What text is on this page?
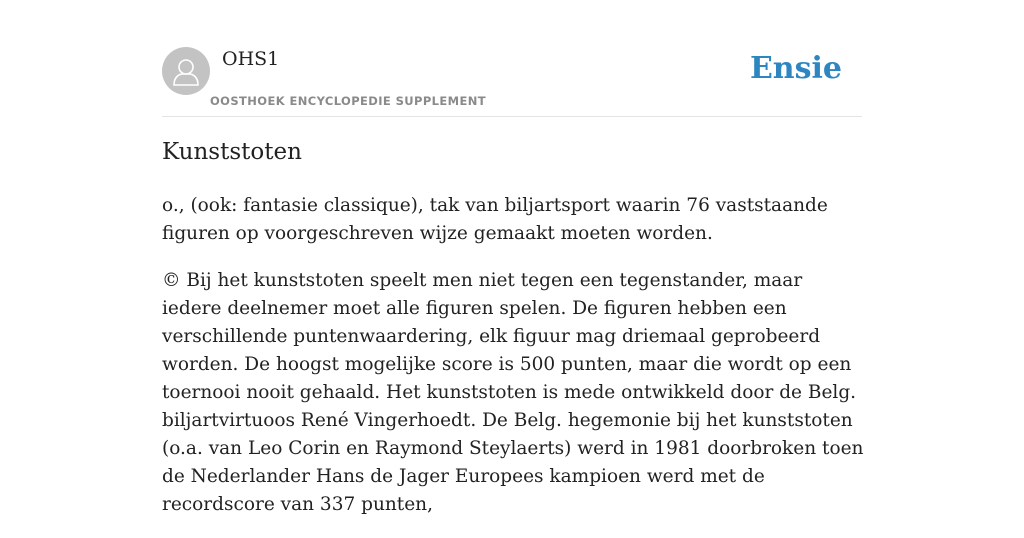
OHS1
OOSTHOEK ENCYCLOPEDIE SUPPLEMENT
Ensie
Kunststoten

o., (ook: fantasie classique), tak van biljartsport waarin 76 vaststaande figuren op voorgeschreven wijze gemaakt moeten worden.

© Bij het kunststoten speelt men niet tegen een tegenstander, maar iedere deelnemer moet alle figuren spelen. De figuren hebben een verschillende puntenwaardering, elk figuur mag driemaal geprobeerd worden. De hoogst mogelijke score is 500 punten, maar die wordt op een toernooi nooit gehaald. Het kunststoten is mede ontwikkeld door de Belg. biljartvirtuoos René Vingerhoedt. De Belg. hegemonie bij het kunststoten (o.a. van Leo Corin en Raymond Steylaerts) werd in 1981 doorbroken toen de Nederlander Hans de Jager Europees kampioen werd met de recordscore van 337 punten,
